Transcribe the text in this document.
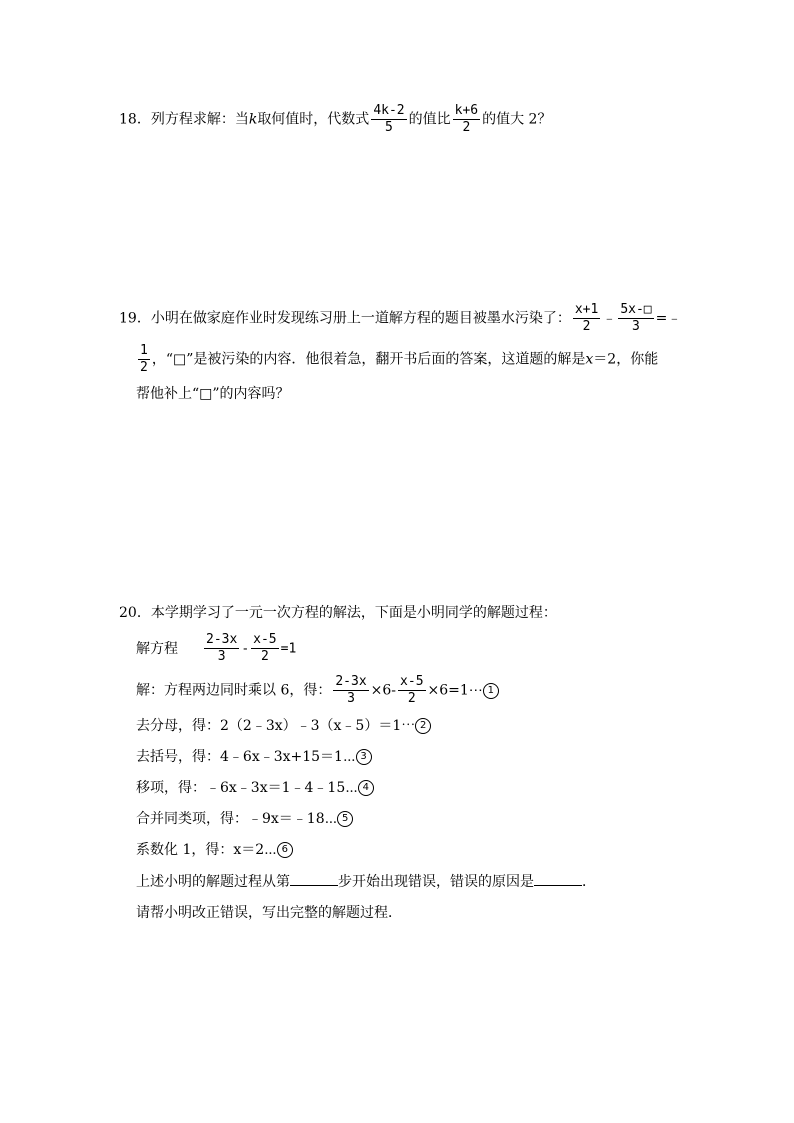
18．列方程求解：当k取何值时，代数式 $\frac{4k-2}{5}$ 的值比 $\frac{k+6}{2}$ 的值大 2？
19．小明在做家庭作业时发现练习册上一道解方程的题目被墨水污染了： $\frac{x+1}{2}$ ﹣ $\frac{5x-□}{3}$ =﹣
$\frac{1}{2}$ ，“□”是被污染的内容．他很着急，翻开书后面的答案，这道题的解是x＝2，你能
帮他补上“□”的内容吗？
20．本学期学习了一元一次方程的解法，下面是小明同学的解题过程：
解方程 $\frac{2-3x}{3} - \frac{x-5}{2} =1$
解：方程两边同时乘以 6，得： $\frac{2-3x}{3} \times 6- \frac{x-5}{2}$ ×6=1⋯ 1
去分母，得：2（2﹣3x）﹣3（x﹣5）＝1⋯ 2
去括号，得：4﹣6x﹣3x+15＝1⋯ 3
移项，得：﹣6x﹣3x＝1﹣4﹣15⋯ 4
合并同类项，得：﹣9x＝﹣18⋯ 5
系数化 1，得：x＝2⋯ 6
上述小明的解题过程从第	步开始出现错误，错误的原因是	．
请帮小明改正错误，写出完整的解题过程．
